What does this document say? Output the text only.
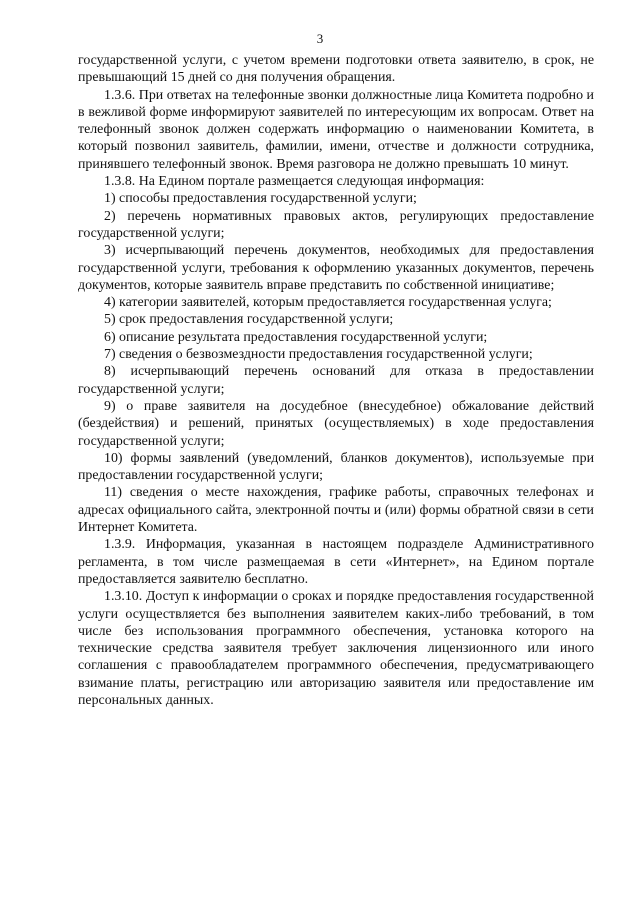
3

государственной услуги, с учетом времени подготовки ответа заявителю, в срок, не превышающий 15 дней со дня получения обращения.

1.3.6. При ответах на телефонные звонки должностные лица Комитета подробно и в вежливой форме информируют заявителей по интересующим их вопросам. Ответ на телефонный звонок должен содержать информацию о наименовании Комитета, в который позвонил заявитель, фамилии, имени, отчестве и должности сотрудника, принявшего телефонный звонок. Время разговора не должно превышать 10 минут.

1.3.8. На Едином портале размещается следующая информация:

1) способы предоставления государственной услуги;

2) перечень нормативных правовых актов, регулирующих предоставление государственной услуги;

3) исчерпывающий перечень документов, необходимых для предоставления государственной услуги, требования к оформлению указанных документов, перечень документов, которые заявитель вправе представить по собственной инициативе;

4) категории заявителей, которым предоставляется государственная услуга;

5) срок предоставления государственной услуги;

6) описание результата предоставления государственной услуги;

7) сведения о безвозмездности предоставления государственной услуги;

8) исчерпывающий перечень оснований для отказа в предоставлении государственной услуги;

9) о праве заявителя на досудебное (внесудебное) обжалование действий (бездействия) и решений, принятых (осуществляемых) в ходе предоставления государственной услуги;

10) формы заявлений (уведомлений, бланков документов), используемые при предоставлении государственной услуги;

11) сведения о месте нахождения, графике работы, справочных телефонах и адресах официального сайта, электронной почты и (или) формы обратной связи в сети Интернет Комитета.

1.3.9. Информация, указанная в настоящем подразделе Административного регламента, в том числе размещаемая в сети «Интернет», на Едином портале предоставляется заявителю бесплатно.

1.3.10. Доступ к информации о сроках и порядке предоставления государственной услуги осуществляется без выполнения заявителем каких-либо требований, в том числе без использования программного обеспечения, установка которого на технические средства заявителя требует заключения лицензионного или иного соглашения с правообладателем программного обеспечения, предусматривающего взимание платы, регистрацию или авторизацию заявителя или предоставление им персональных данных.
